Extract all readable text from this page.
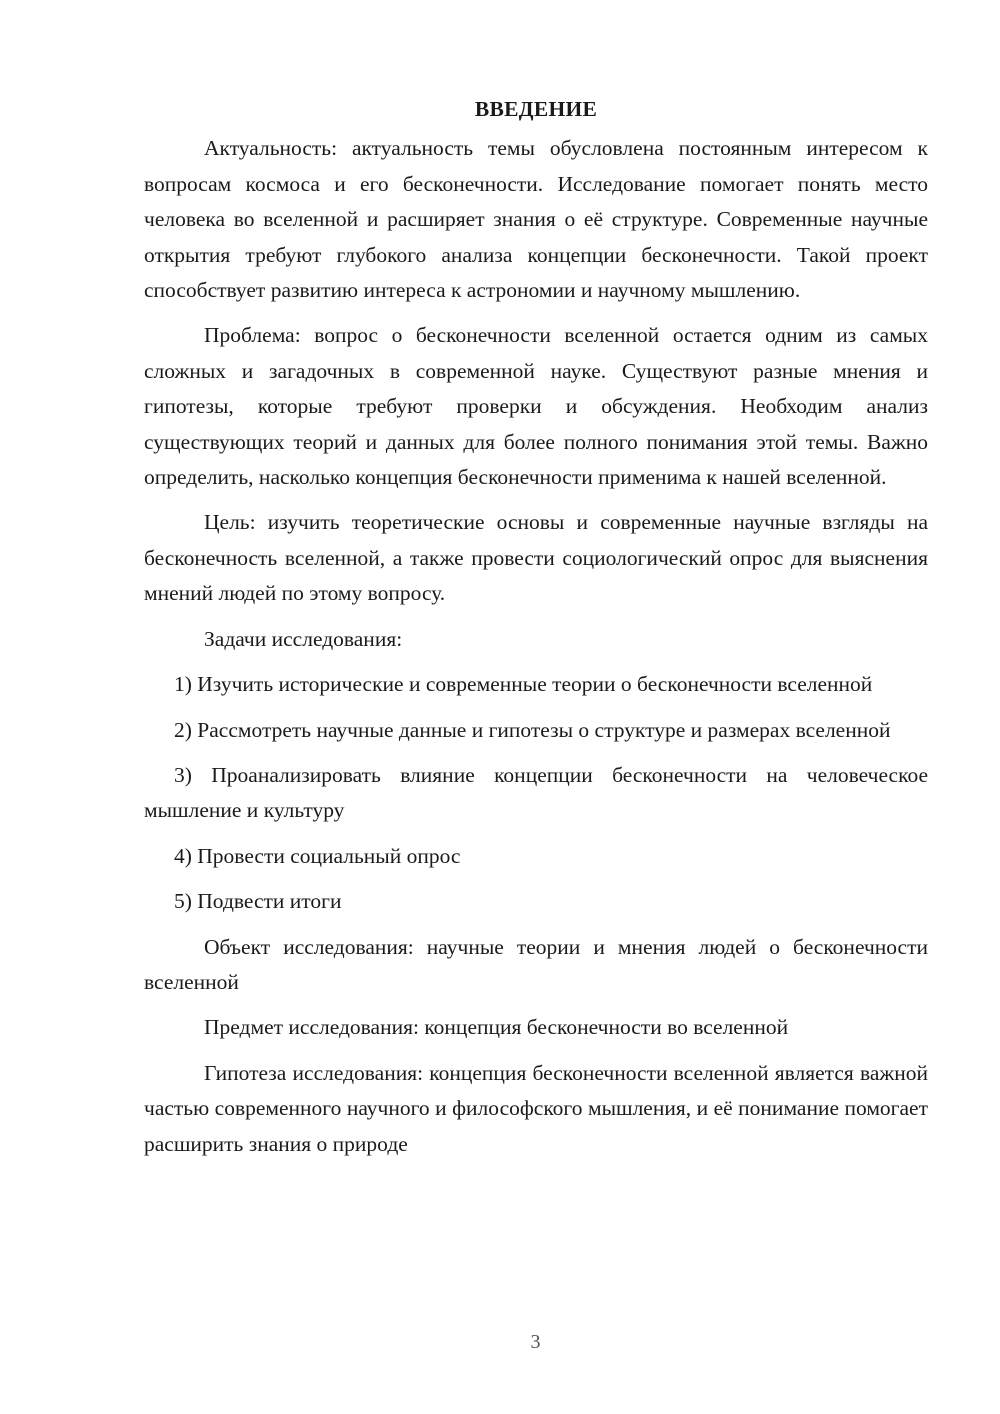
ВВЕДЕНИЕ

Актуальность: актуальность темы обусловлена постоянным интересом к вопросам космоса и его бесконечности. Исследование помогает понять место человека во вселенной и расширяет знания о её структуре. Современные научные открытия требуют глубокого анализа концепции бесконечности. Такой проект способствует развитию интереса к астрономии и научному мышлению.

Проблема: вопрос о бесконечности вселенной остается одним из самых сложных и загадочных в современной науке. Существуют разные мнения и гипотезы, которые требуют проверки и обсуждения. Необходим анализ существующих теорий и данных для более полного понимания этой темы. Важно определить, насколько концепция бесконечности применима к нашей вселенной.

Цель: изучить теоретические основы и современные научные взгляды на бесконечность вселенной, а также провести социологический опрос для выяснения мнений людей по этому вопросу.

Задачи исследования:

1) Изучить исторические и современные теории о бесконечности вселенной

2) Рассмотреть научные данные и гипотезы о структуре и размерах вселенной

3) Проанализировать влияние концепции бесконечности на человеческое мышление и культуру

4) Провести социальный опрос

5) Подвести итоги

Объект исследования: научные теории и мнения людей о бесконечности вселенной

Предмет исследования: концепция бесконечности во вселенной

Гипотеза исследования: концепция бесконечности вселенной является важной частью современного научного и философского мышления, и её понимание помогает расширить знания о природе

3
